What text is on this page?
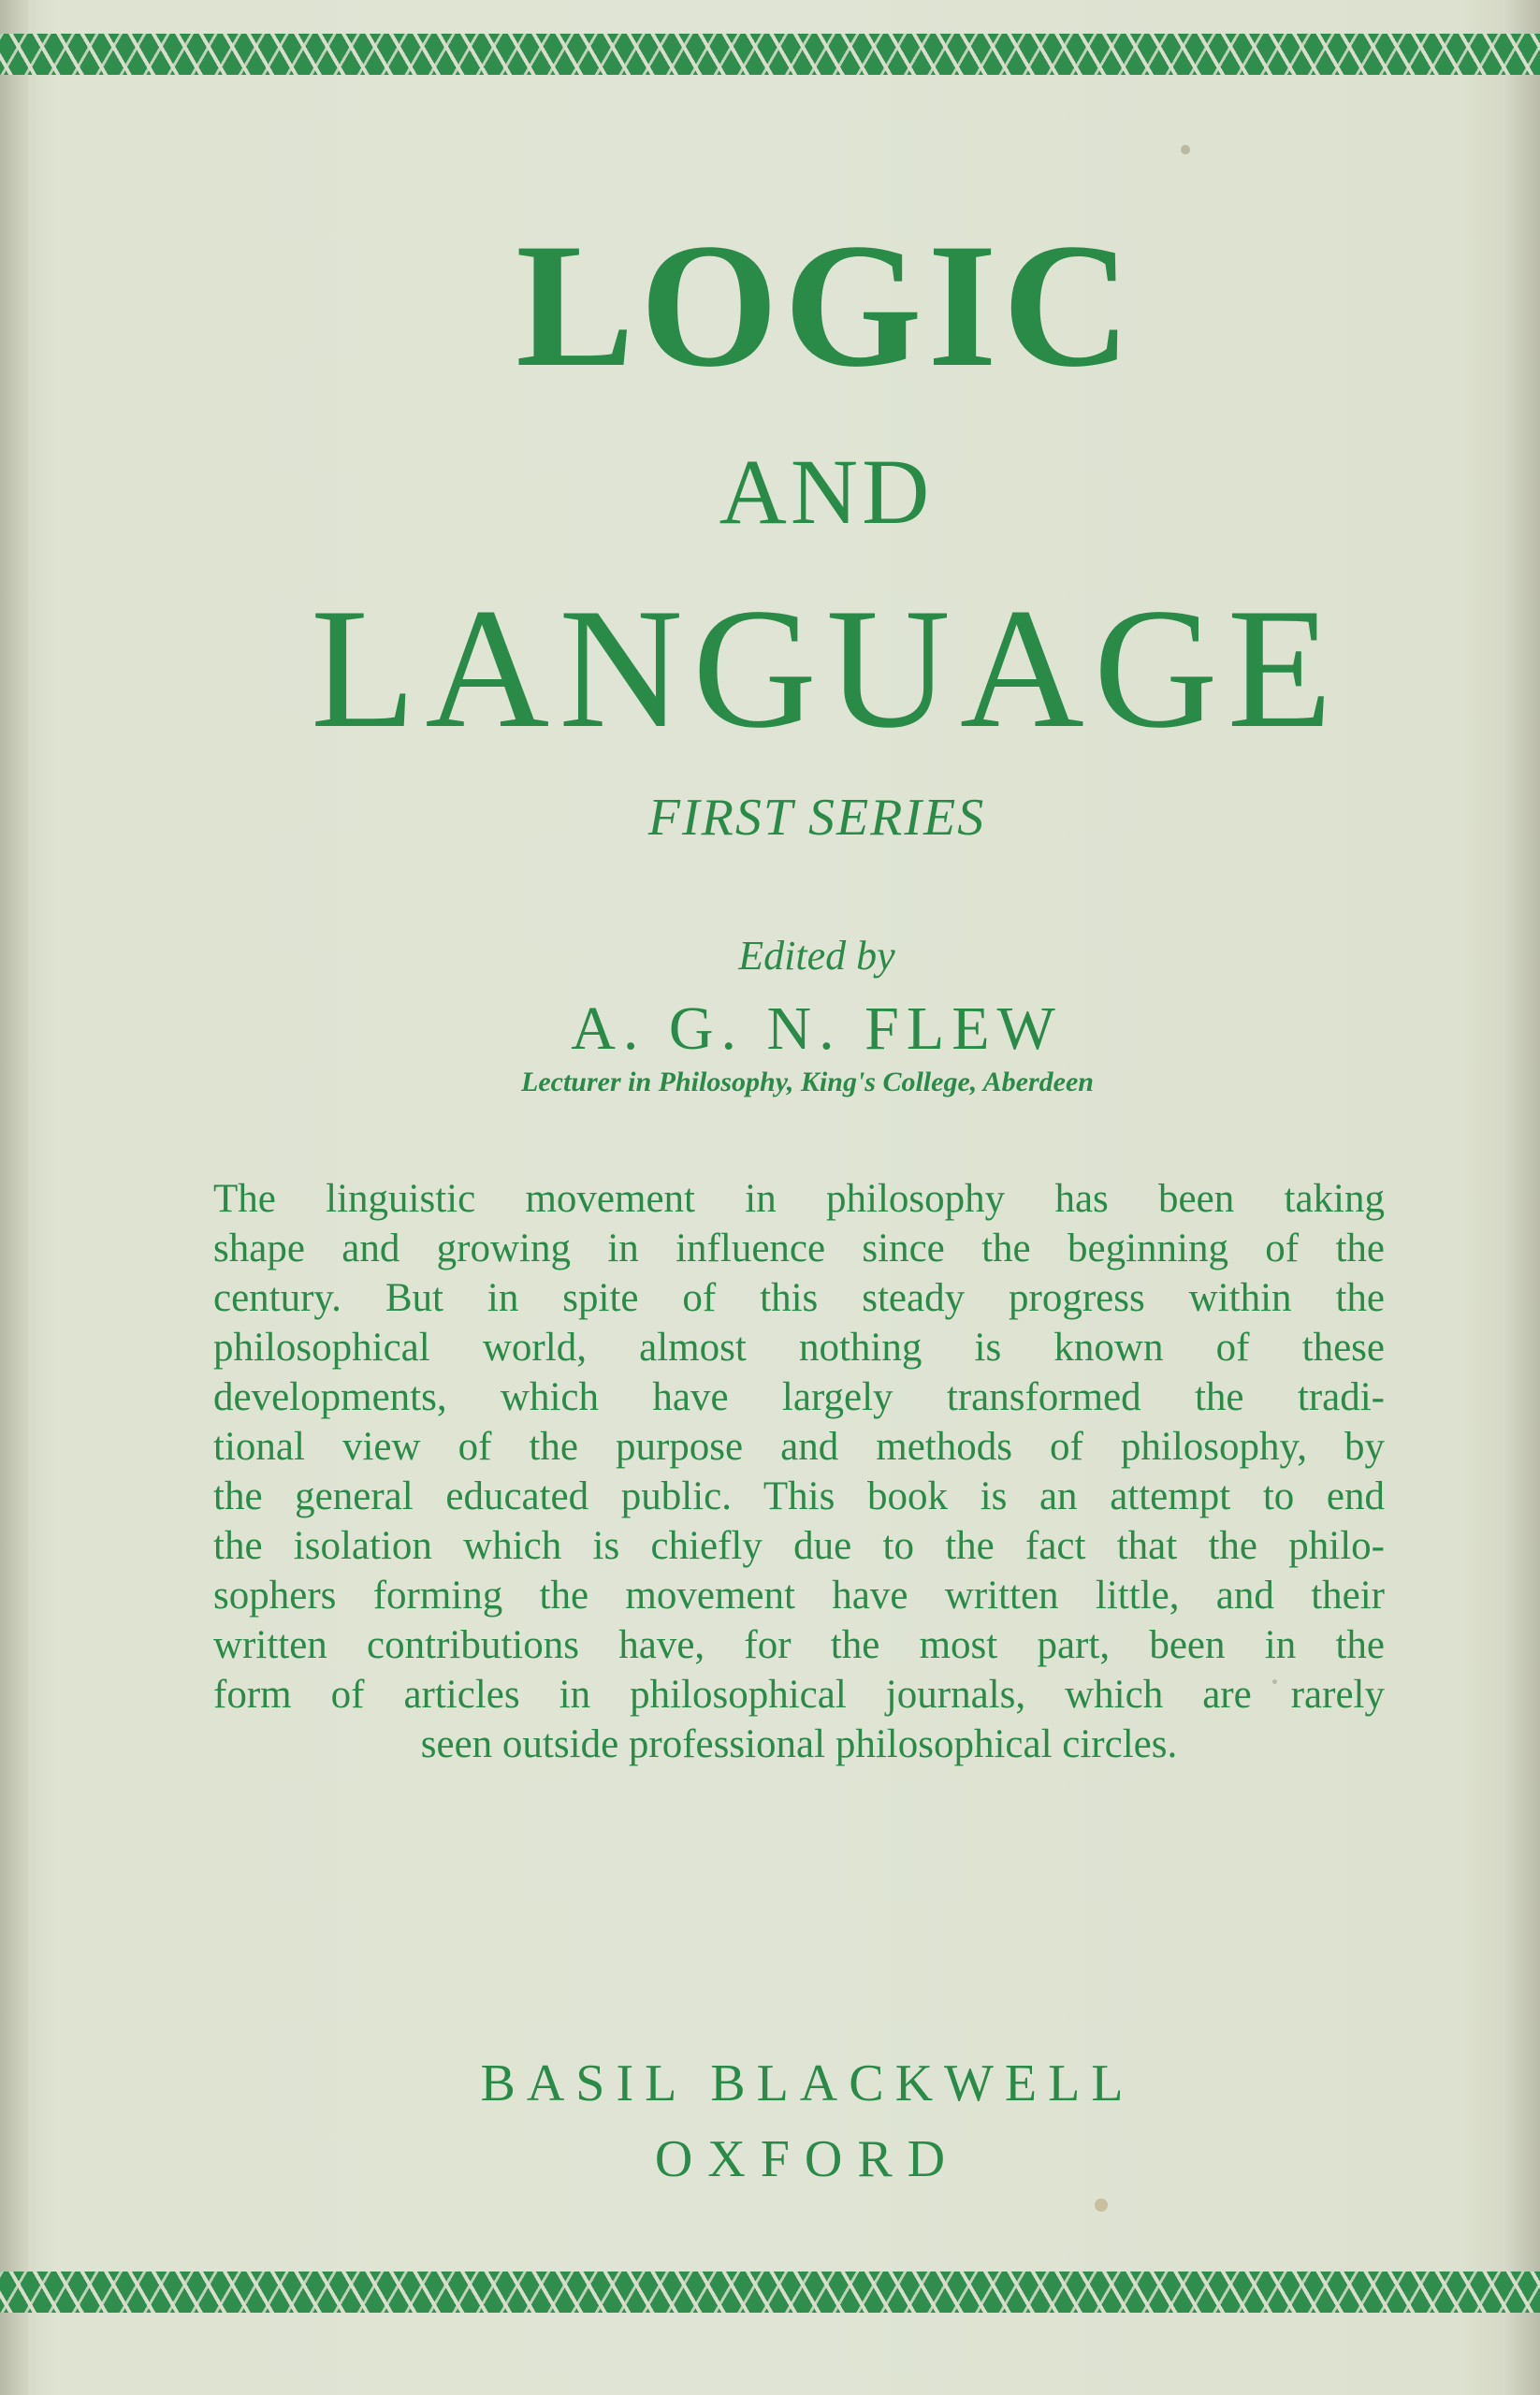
LOGIC
AND
LANGUAGE
FIRST SERIES
Edited by
A. G. N. FLEW
Lecturer in Philosophy, King's College, Aberdeen
The linguistic movement in philosophy has been taking
shape and growing in influence since the beginning of the
century. But in spite of this steady progress within the
philosophical world, almost nothing is known of these
developments, which have largely transformed the tradi-
tional view of the purpose and methods of philosophy, by
the general educated public. This book is an attempt to end
the isolation which is chiefly due to the fact that the philo-
sophers forming the movement have written little, and their
written contributions have, for the most part, been in the
form of articles in philosophical journals, which are rarely
seen outside professional philosophical circles.
BASIL BLACKWELL
OXFORD
